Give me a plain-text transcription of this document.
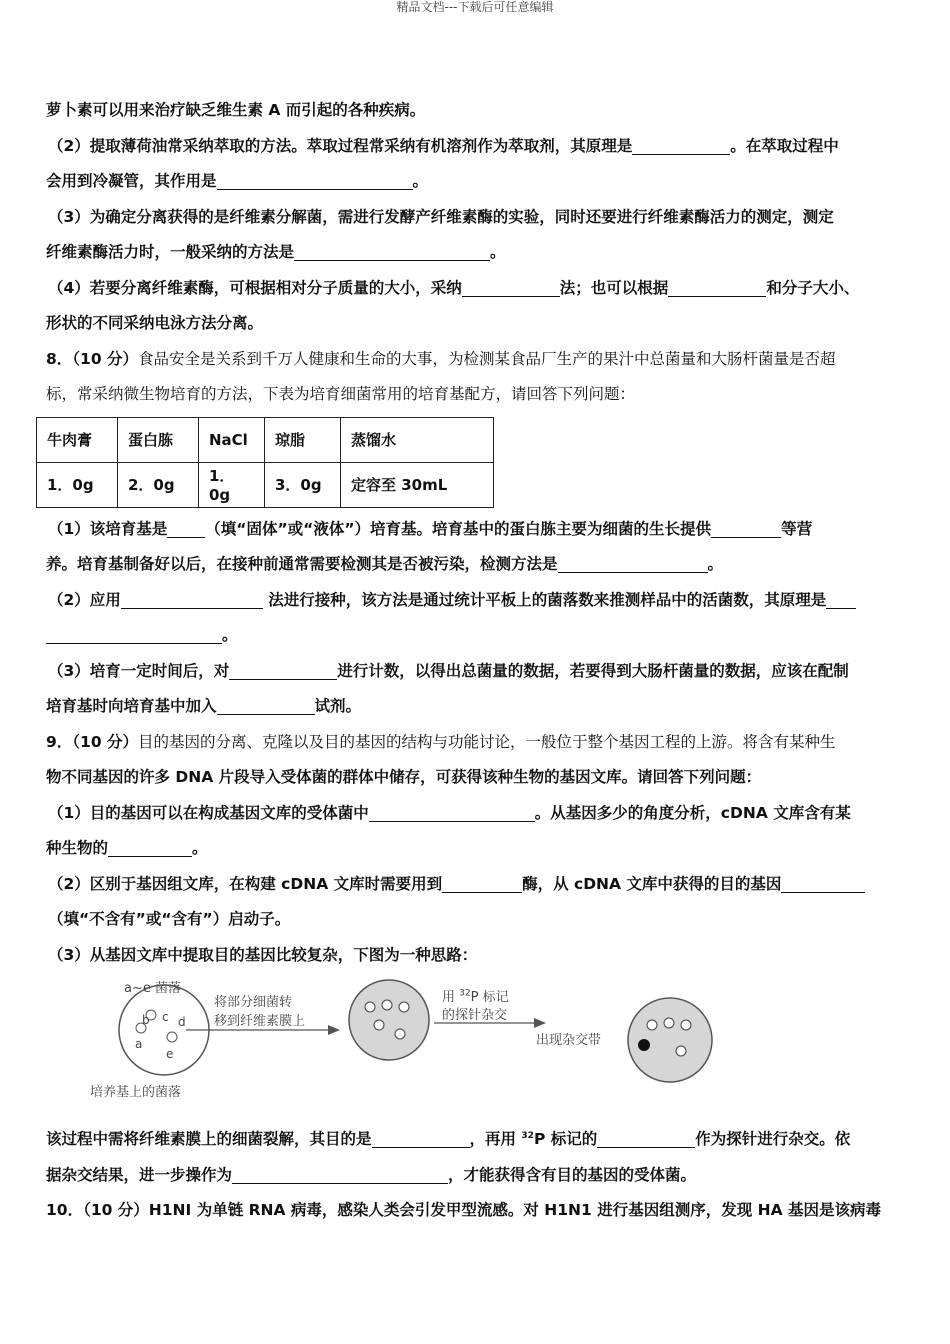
精品文档---下载后可任意编辑
萝卜素可以用来治疗缺乏维生素 A 而引起的各种疾病。
（2）提取薄荷油常采纳萃取的方法。萃取过程常采纳有机溶剂作为萃取剂，其原理是	。在萃取过程中
会用到冷凝管，其作用是	。
（3）为确定分离获得的是纤维素分解菌，需进行发酵产纤维素酶的实验，同时还要进行纤维素酶活力的测定，测定
纤维素酶活力时，一般采纳的方法是	。
（4）若要分离纤维素酶，可根据相对分子质量的大小，采纳	法；也可以根据	和分子大小、
形状的不同采纳电泳方法分离。
8．（10 分）食品安全是关系到千万人健康和生命的大事，为检测某食品厂生产的果汁中总菌量和大肠杆菌量是否超
标，常采纳微生物培育的方法，下表为培育细菌常用的培育基配方，请回答下列问题：
牛肉膏	蛋白胨	NaCl	琼脂	蒸馏水
1．0g	2．0g	1．0g	3．0g	定容至 30mL
（1）该培育基是 （填“固体”或“液体”）培育基。培育基中的蛋白胨主要为细菌的生长提供	等营
养。培育基制备好以后，在接种前通常需要检测其是否被污染，检测方法是	。
（2）应用	法进行接种，该方法是通过统计平板上的菌落数来推测样品中的活菌数，其原理是
。
（3）培育一定时间后，对	进行计数，以得出总菌量的数据，若要得到大肠杆菌量的数据，应该在配制
培育基时向培育基中加入	试剂。
9．（10 分）目的基因的分离、克隆以及目的基因的结构与功能讨论，一般位于整个基因工程的上游。将含有某种生
物不同基因的许多 DNA 片段导入受体菌的群体中储存，可获得该种生物的基因文库。请回答下列问题：
（1）目的基因可以在构成基因文库的受体菌中	。从基因多少的角度分析，cDNA 文库含有某
种生物的	。
（2）区别于基因组文库，在构建 cDNA 文库时需要用到	酶，从 cDNA 文库中获得的目的基因
（填“不含有”或“含有”）启动子。
（3）从基因文库中提取目的基因比较复杂，下图为一种思路：
a~e 菌落
b c d
a
e
培养基上的菌落
将部分细菌转
移到纤维素膜上
用 $^{32}$P 标记
的探针杂交
出现杂交带
该过程中需将纤维素膜上的细菌裂解，其目的是	，再用 $^{32}$P 标记的	作为探针进行杂交。依
据杂交结果，进一步操作为	，才能获得含有目的基因的受体菌。
10．（10 分）H1NI 为单链 RNA 病毒，感染人类会引发甲型流感。对 H1N1 进行基因组测序，发现 HA 基因是该病毒
